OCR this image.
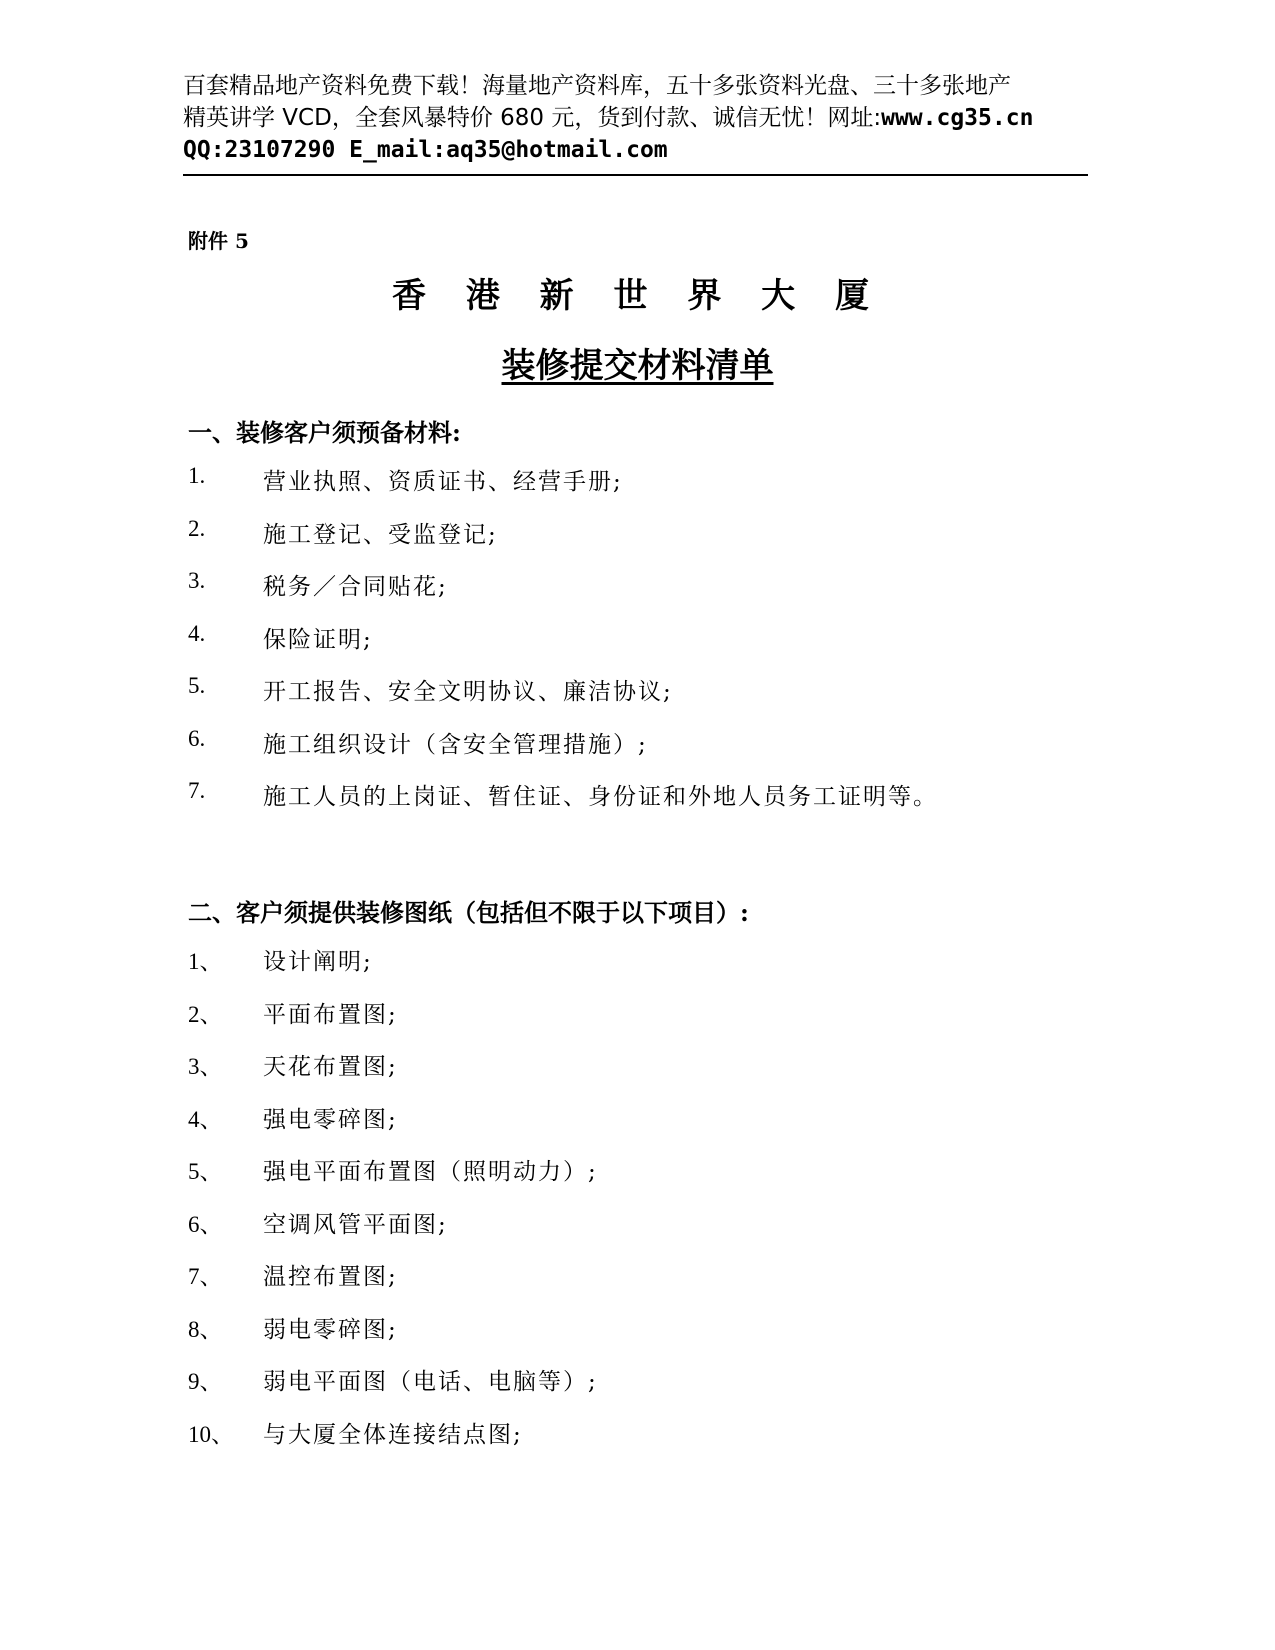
百套精品地产资料免费下载！海量地产资料库，五十多张资料光盘、三十多张地产
精英讲学 VCD，全套风暴特价 680 元，货到付款、诚信无忧！网址:www.cg35.cn
QQ:23107290 E_mail:aq35@hotmail.com
附件 5
香 港 新 世 界 大 厦
装修提交材料清单
一、装修客户须预备材料:
1.	营业执照、资质证书、经营手册;
2.	施工登记、受监登记;
3.	税务／合同贴花;
4.	保险证明;
5.	开工报告、安全文明协议、廉洁协议;
6.	施工组织设计（含安全管理措施）;
7.	施工人员的上岗证、暂住证、身份证和外地人员务工证明等。
二、客户须提供装修图纸（包括但不限于以下项目）:
1、	设计阐明;
2、	平面布置图;
3、	天花布置图;
4、	强电零碎图;
5、	强电平面布置图（照明动力）;
6、	空调风管平面图;
7、	温控布置图;
8、	弱电零碎图;
9、	弱电平面图（电话、电脑等）;
10、	与大厦全体连接结点图;
